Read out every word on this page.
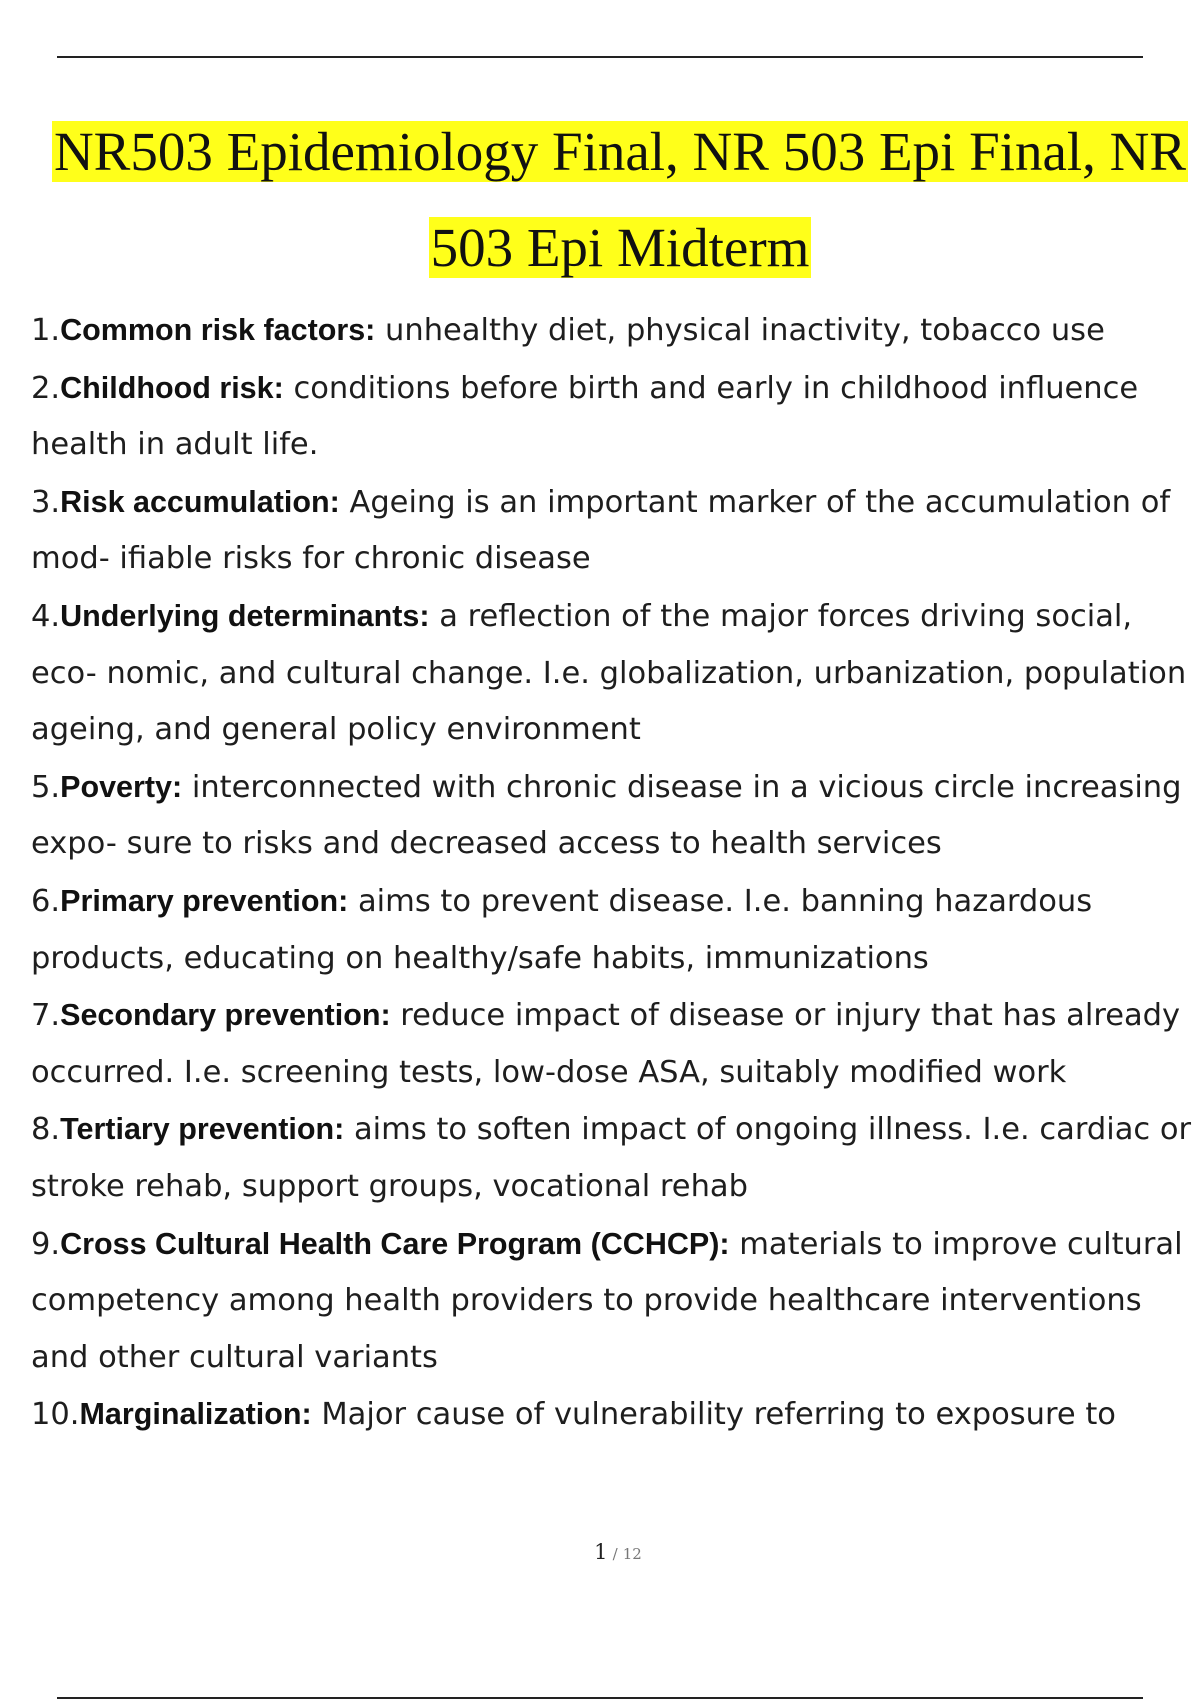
NR503 Epidemiology Final, NR 503 Epi Final, NR
503 Epi Midterm
1.Common risk factors: unhealthy diet, physical inactivity, tobacco use
2.Childhood risk: conditions before birth and early in childhood influence health in adult life.
3.Risk accumulation: Ageing is an important marker of the accumulation of mod- ifiable risks for chronic disease
4.Underlying determinants: a reflection of the major forces driving social, eco- nomic, and cultural change. I.e. globalization, urbanization, population ageing, and general policy environment
5.Poverty: interconnected with chronic disease in a vicious circle increasing expo- sure to risks and decreased access to health services
6.Primary prevention: aims to prevent disease. I.e. banning hazardous products, educating on healthy/safe habits, immunizations
7.Secondary prevention: reduce impact of disease or injury that has already occurred. I.e. screening tests, low-dose ASA, suitably modified work
8.Tertiary prevention: aims to soften impact of ongoing illness. I.e. cardiac or stroke rehab, support groups, vocational rehab
9.Cross Cultural Health Care Program (CCHCP): materials to improve cultural competency among health providers to provide healthcare interventions and other cultural variants
10.Marginalization: Major cause of vulnerability referring to exposure to
1 / 12
